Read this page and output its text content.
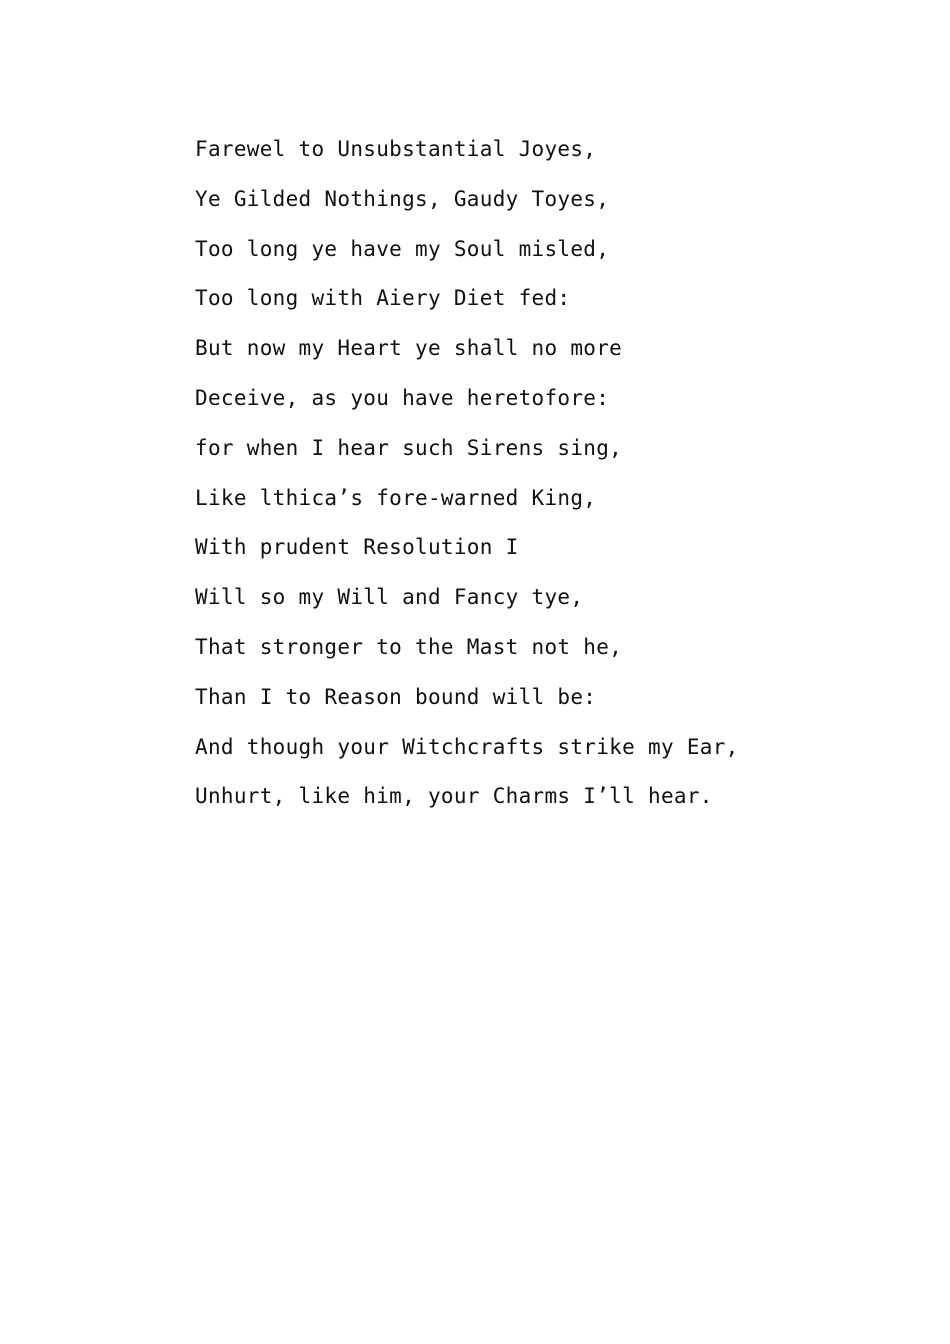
Farewel to Unsubstantial Joyes,
Ye Gilded Nothings, Gaudy Toyes,
Too long ye have my Soul misled,
Too long with Aiery Diet fed:
But now my Heart ye shall no more
Deceive, as you have heretofore:
for when I hear such Sirens sing,
Like lthica’s fore-warned King,
With prudent Resolution I
Will so my Will and Fancy tye,
That stronger to the Mast not he,
Than I to Reason bound will be:
And though your Witchcrafts strike my Ear,
Unhurt, like him, your Charms I’ll hear.
